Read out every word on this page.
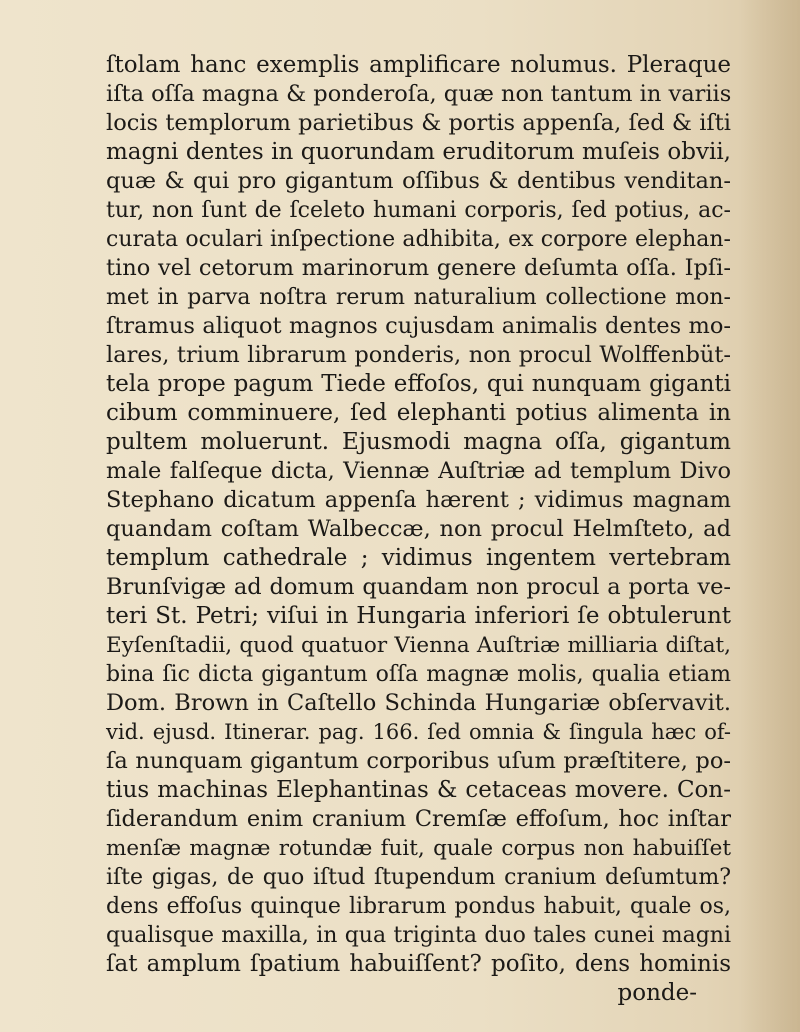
ſtolam hanc exemplis amplificare nolumus. Pleraque
iſta oſſa magna & ponderoſa, quæ non tantum in variis
locis templorum parietibus & portis appenſa, ſed & iſti
magni dentes in quorundam eruditorum muſeis obvii,
quæ & qui pro gigantum oſſibus & dentibus venditan-
tur, non ſunt de ſceleto humani corporis, ſed potius, ac-
curata oculari inſpectione adhibita, ex corpore elephan-
tino vel cetorum marinorum genere deſumta oſſa. Ipſi-
met in parva noſtra rerum naturalium collectione mon-
ſtramus aliquot magnos cujusdam animalis dentes mo-
lares, trium librarum ponderis, non procul Wolffenbüt-
tela prope pagum Tiede effoſos, qui nunquam giganti
cibum comminuere, ſed elephanti potius alimenta in
pultem moluerunt. Ejusmodi magna oſſa, gigantum
male falſeque dicta, Viennæ Auſtriæ ad templum Divo
Stephano dicatum appenſa hærent ; vidimus magnam
quandam coſtam Walbeccæ, non procul Helmſteto, ad
templum cathedrale ; vidimus ingentem vertebram
Brunſvigæ ad domum quandam non procul a porta ve-
teri St. Petri; viſui in Hungaria inferiori ſe obtulerunt
Eyſenſtadii, quod quatuor Vienna Auſtriæ milliaria diſtat,
bina ſic dicta gigantum oſſa magnæ molis, qualia etiam
Dom. Brown in Caſtello Schinda Hungariæ obſervavit.
vid. ejusd. Itinerar. pag. 166. ſed omnia & ſingula hæc of-
ſa nunquam gigantum corporibus uſum præſtitere, po-
tius machinas Elephantinas & cetaceas movere. Con-
ſiderandum enim cranium Cremſæ effoſum, hoc inſtar
menſæ magnæ rotundæ fuit, quale corpus non habuiſſet
iſte gigas, de quo iſtud ſtupendum cranium deſumtum?
dens effoſus quinque librarum pondus habuit, quale os,
qualisque maxilla, in qua triginta duo tales cunei magni
ſat amplum ſpatium habuiſſent? poſito, dens hominis
ponde-
